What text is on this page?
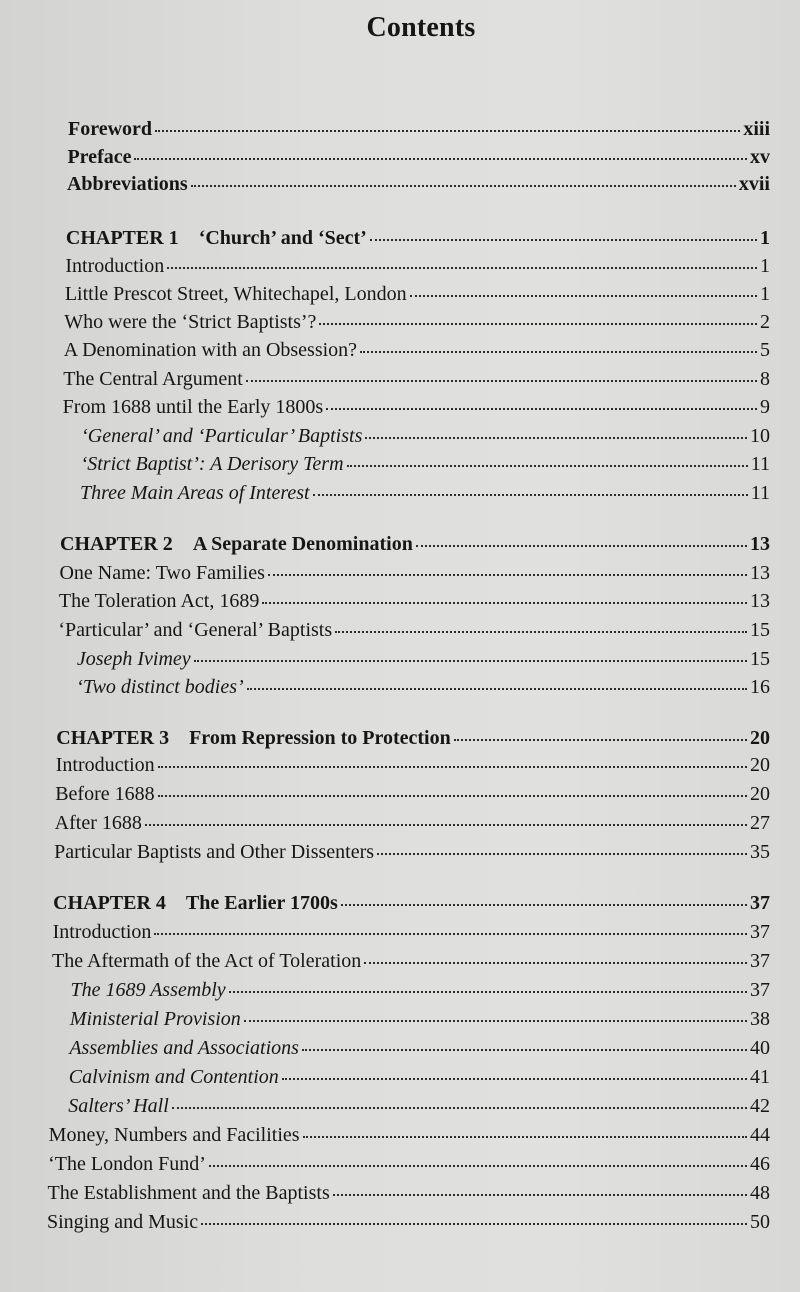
Contents
Foreword	xiii
Preface	xv
Abbreviations	xvii
CHAPTER 1 ‘Church’ and ‘Sect’	1
Introduction	1
Little Prescot Street, Whitechapel, London	1
Who were the ‘Strict Baptists’?	2
A Denomination with an Obsession?	5
The Central Argument	8
From 1688 until the Early 1800s	9
‘General’ and ‘Particular’ Baptists	10
‘Strict Baptist’: A Derisory Term	11
Three Main Areas of Interest	11
CHAPTER 2 A Separate Denomination	13
One Name: Two Families	13
The Toleration Act, 1689	13
‘Particular’ and ‘General’ Baptists	15
Joseph Ivimey	15
‘Two distinct bodies’	16
CHAPTER 3 From Repression to Protection	20
Introduction	20
Before 1688	20
After 1688	27
Particular Baptists and Other Dissenters	35
CHAPTER 4 The Earlier 1700s	37
Introduction	37
The Aftermath of the Act of Toleration	37
The 1689 Assembly	37
Ministerial Provision	38
Assemblies and Associations	40
Calvinism and Contention	41
Salters’ Hall	42
Money, Numbers and Facilities	44
‘The London Fund’	46
The Establishment and the Baptists	48
Singing and Music	50
